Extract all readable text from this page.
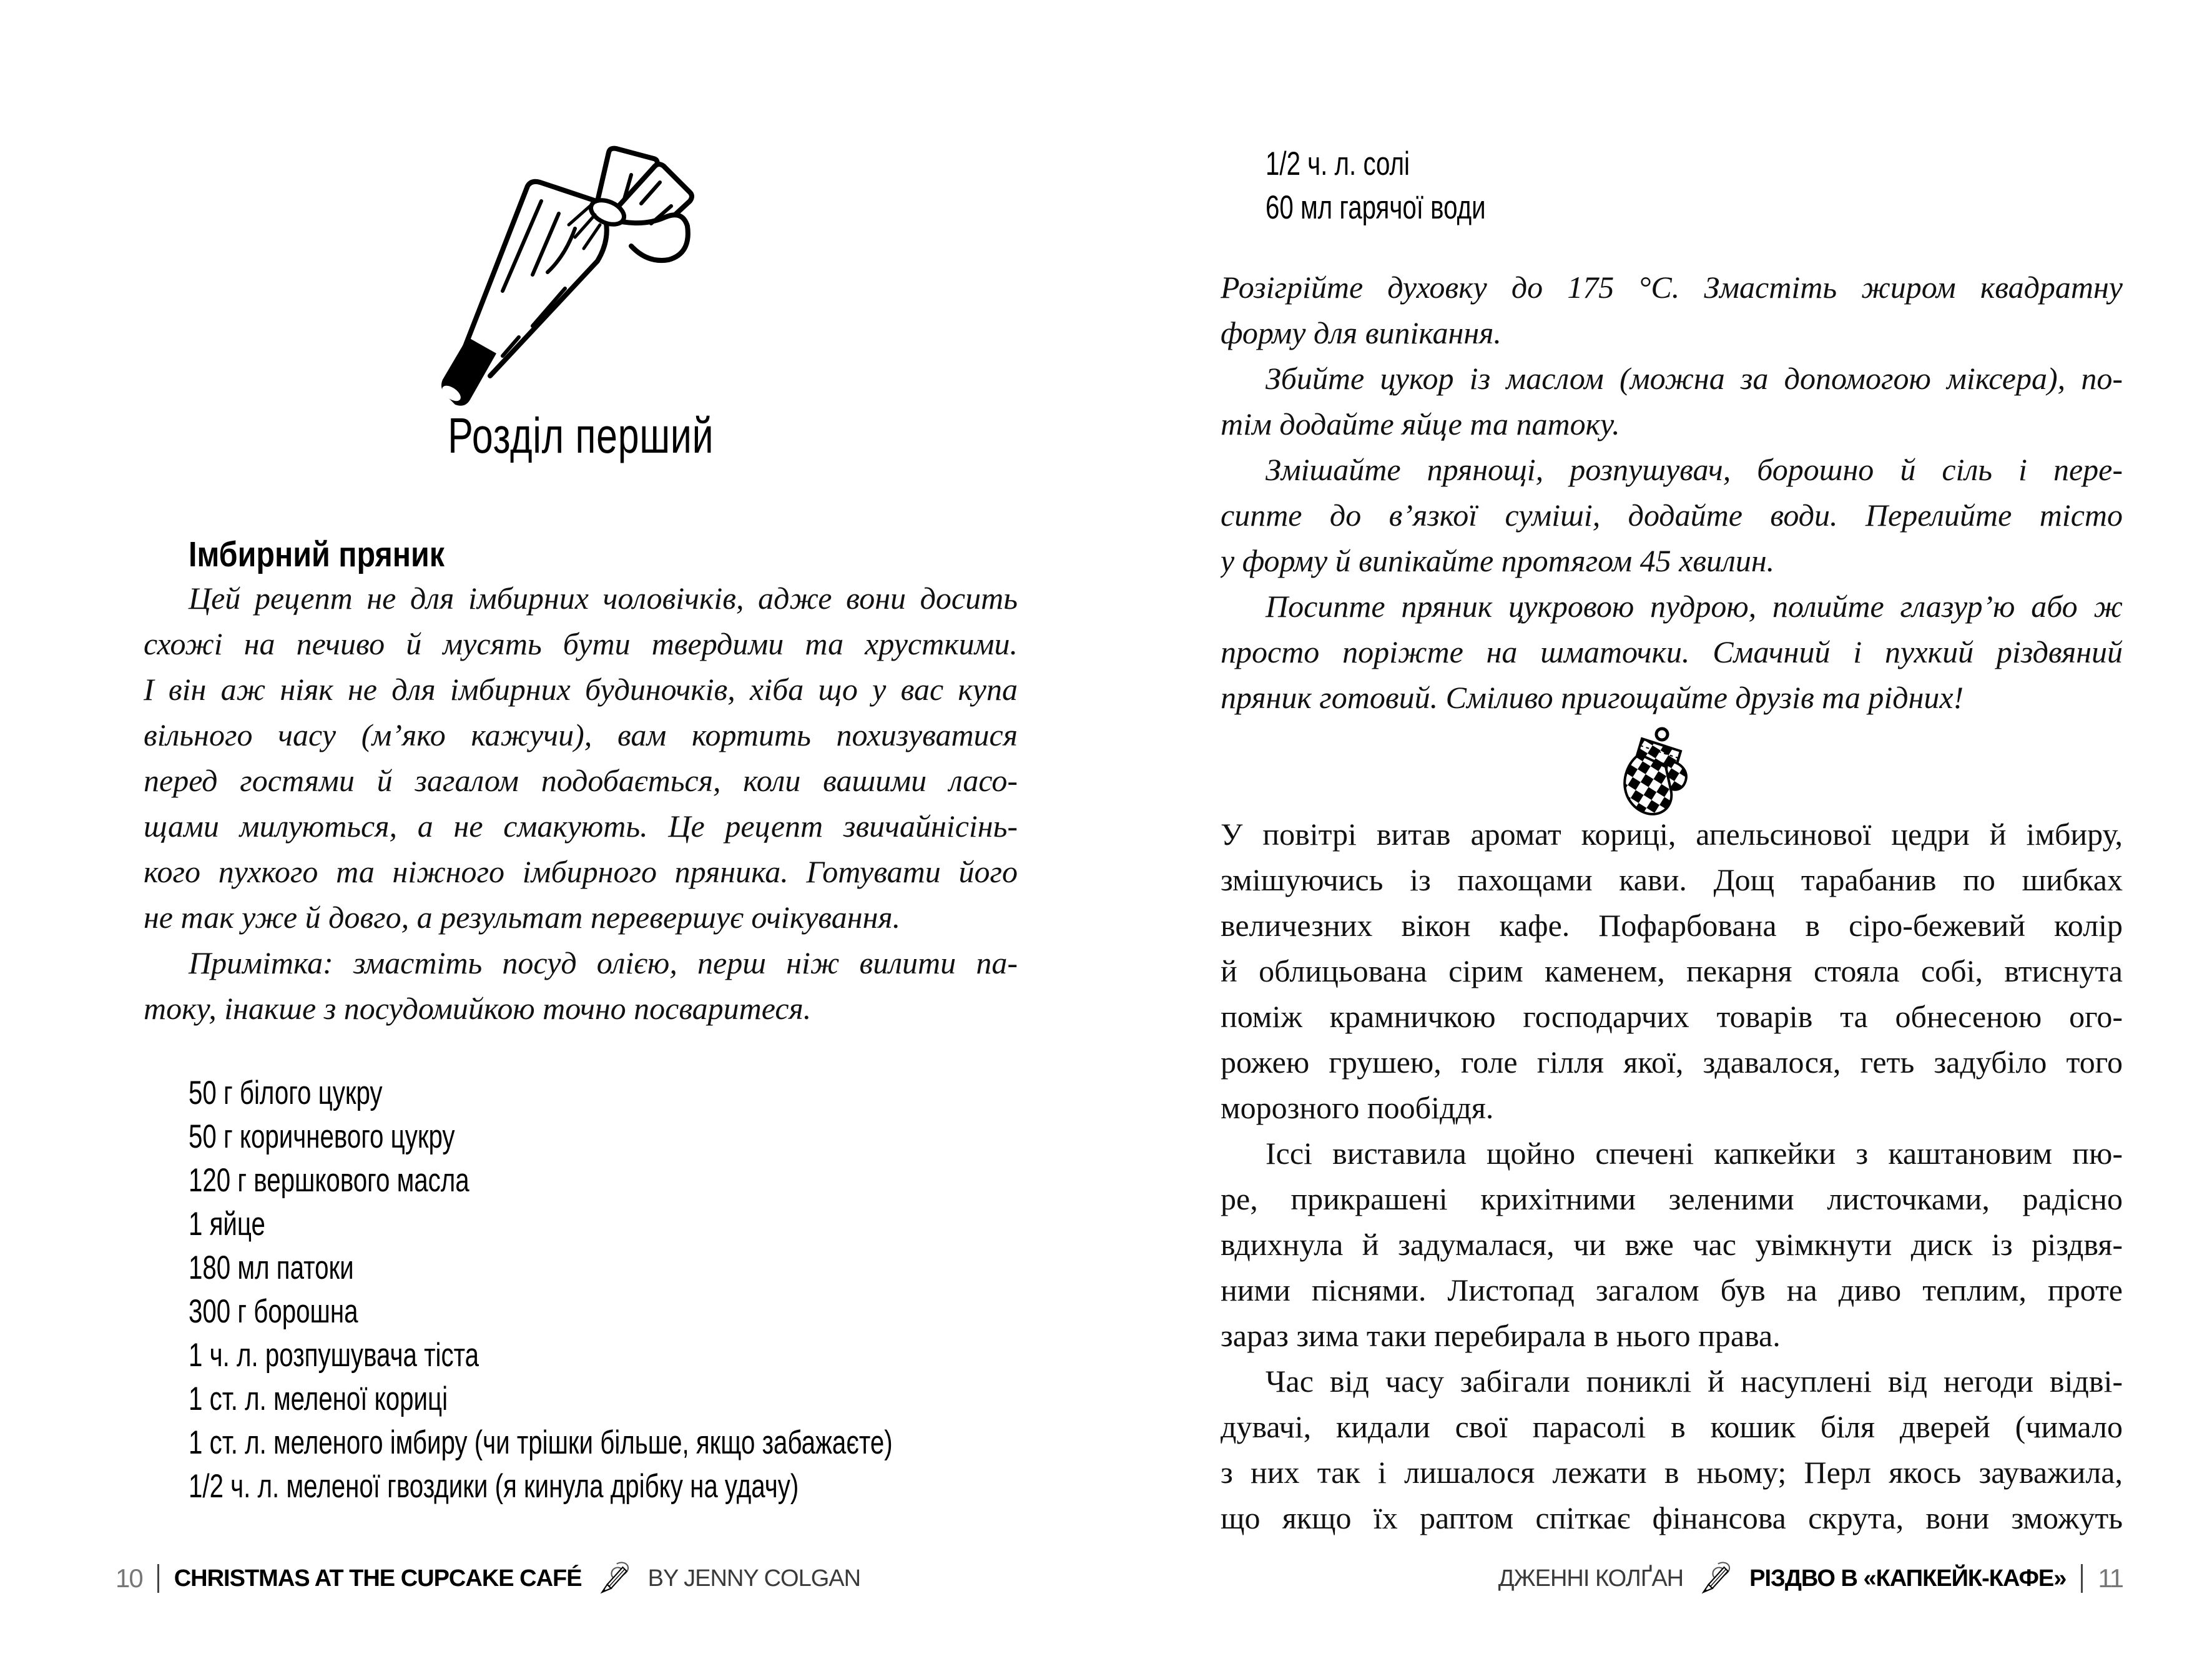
Розділ перший
Імбирний пряник
Цей рецепт не для імбирних чоловічків, адже вони досить
схожі на печиво й мусять бути твердими та хрусткими.
І він аж ніяк не для імбирних будиночків, хіба що у вас купа
вільного часу (м’яко кажучи), вам кортить похизуватися
перед гостями й загалом подобається, коли вашими ласо-
щами милуються, а не смакують. Це рецепт звичайнісінь-
кого пухкого та ніжного імбирного пряника. Готувати його
не так уже й довго, а результат перевершує очікування.
Примітка: змастіть посуд олією, перш ніж вилити па-
току, інакше з посудомийкою точно посваритеся.
50 г білого цукру
50 г коричневого цукру
120 г вершкового масла
1 яйце
180 мл патоки
300 г борошна
1 ч. л. розпушувача тіста
1 ст. л. меленої кориці
1 ст. л. меленого імбиру (чи трішки більше, якщо забажаєте)
1/2 ч. л. меленої гвоздики (я кинула дрібку на удачу)
10 CHRISTMAS AT THE CUPCAKE CAFÉ	BY JENNY COLGAN
1/2 ч. л. солі
60 мл гарячої води
Розігрійте духовку до 175 °C. Змастіть жиром квадратну
форму для випікання.
Збийте цукор із маслом (можна за допомогою міксера), по-
тім додайте яйце та патоку.
Змішайте прянощі, розпушувач, борошно й сіль і пере-
сипте до в’язкої суміші, додайте води. Перелийте тісто
у форму й випікайте протягом 45 хвилин.
Посипте пряник цукровою пудрою, полийте глазур’ю або ж
просто поріжте на шматочки. Смачний і пухкий різдвяний
пряник готовий. Сміливо пригощайте друзів та рідних!
У повітрі витав аромат кориці, апельсинової цедри й імбиру,
змішуючись із пахощами кави. Дощ тарабанив по шибках
величезних вікон кафе. Пофарбована в сіро-бежевий колір
й облицьована сірим каменем, пекарня стояла собі, втиснута
поміж крамничкою господарчих товарів та обнесеною ого-
рожею грушею, голе гілля якої, здавалося, геть задубіло того
морозного пообіддя.
Іссі виставила щойно спечені капкейки з каштановим пю-
ре, прикрашені крихітними зеленими листочками, радісно
вдихнула й задумалася, чи вже час увімкнути диск із різдвя-
ними піснями. Листопад загалом був на диво теплим, проте
зараз зима таки перебирала в нього права.
Час від часу забігали пониклі й насуплені від негоди відві-
дувачі, кидали свої парасолі в кошик біля дверей (чимало
з них так і лишалося лежати в ньому; Перл якось зауважила,
що якщо їх раптом спіткає фінансова скрута, вони зможуть
ДЖЕННІ КОЛҐАН	РІЗДВО В «КАПКЕЙК-КАФЕ» 11
